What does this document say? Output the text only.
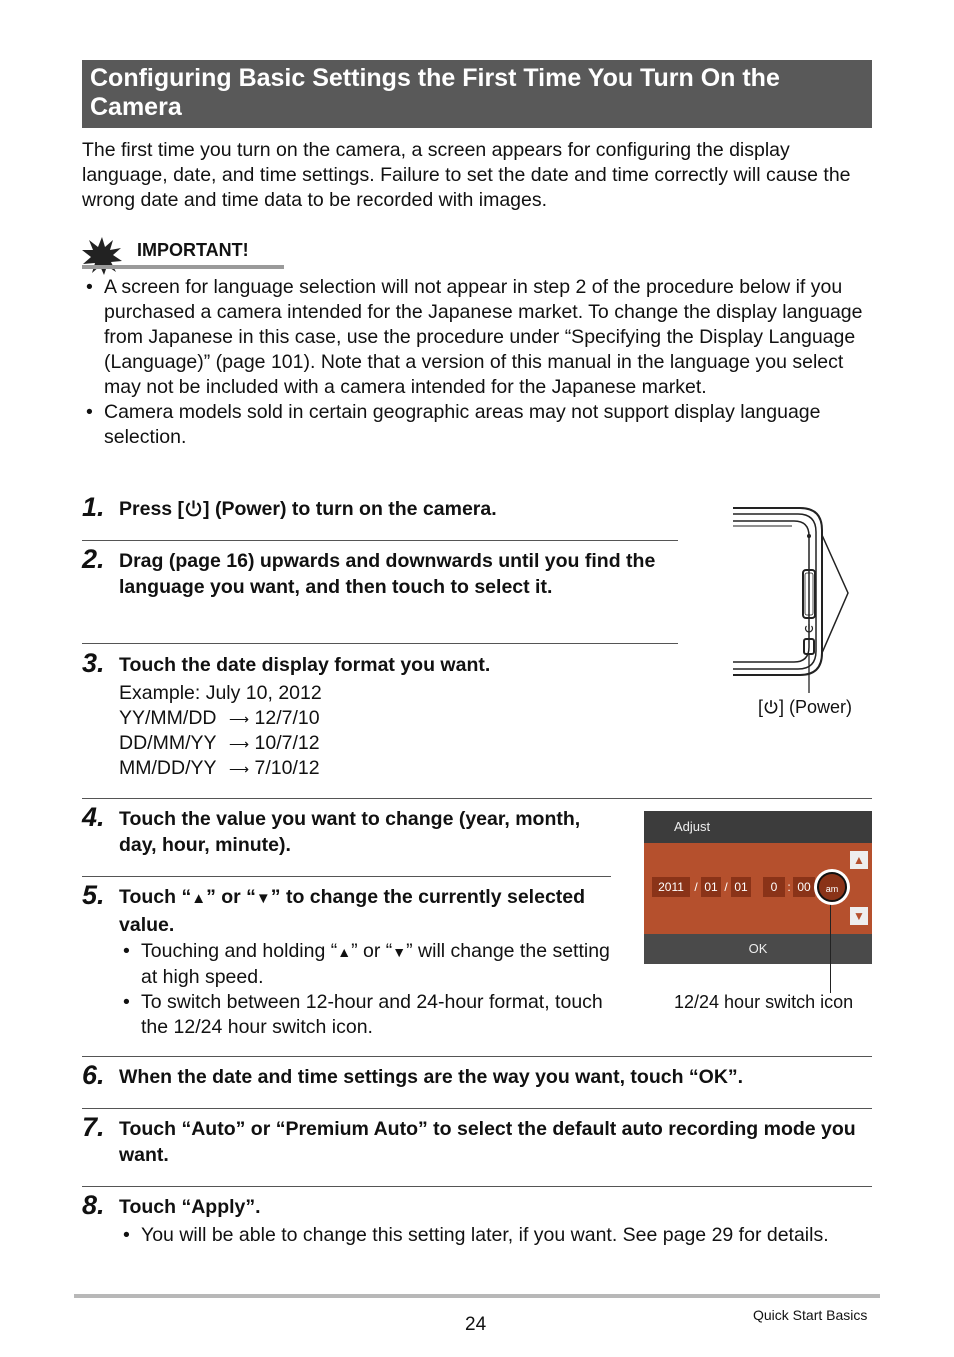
Configuring Basic Settings the First Time You Turn On the Camera

The first time you turn on the camera, a screen appears for configuring the display language, date, and time settings. Failure to set the date and time correctly will cause the wrong date and time data to be recorded with images.

IMPORTANT!
• A screen for language selection will not appear in step 2 of the procedure below if you purchased a camera intended for the Japanese market. To change the display language from Japanese in this case, use the procedure under “Specifying the Display Language (Language)” (page 101). Note that a version of this manual in the language you select may not be included with a camera intended for the Japanese market.
• Camera models sold in certain geographic areas may not support display language selection.
1. Press [ ] (Power) to turn on the camera.
2. Drag (page 16) upwards and downwards until you find the language you want, and then touch to select it.
3. Touch the date display format you want.
Example: July 10, 2012
YY/MM/DD ⟶ 12/7/10
DD/MM/YY ⟶ 10/7/12
MM/DD/YY ⟶ 7/10/12
[ ] (Power)
4. Touch the value you want to change (year, month, day, hour, minute).
5. Touch “▲” or “▼” to change the currently selected value.
• Touching and holding “▲” or “▼” will change the setting at high speed.
• To switch between 12-hour and 24-hour format, touch the 12/24 hour switch icon.
Adjust
OK
▲
▼
2011 / 01 / 01	0 : 00	am
12/24 hour switch icon
6. When the date and time settings are the way you want, touch “OK”.
7. Touch “Auto” or “Premium Auto” to select the default auto recording mode you want.
8. Touch “Apply”.
• You will be able to change this setting later, if you want. See page 29 for details.
24	Quick Start Basics
